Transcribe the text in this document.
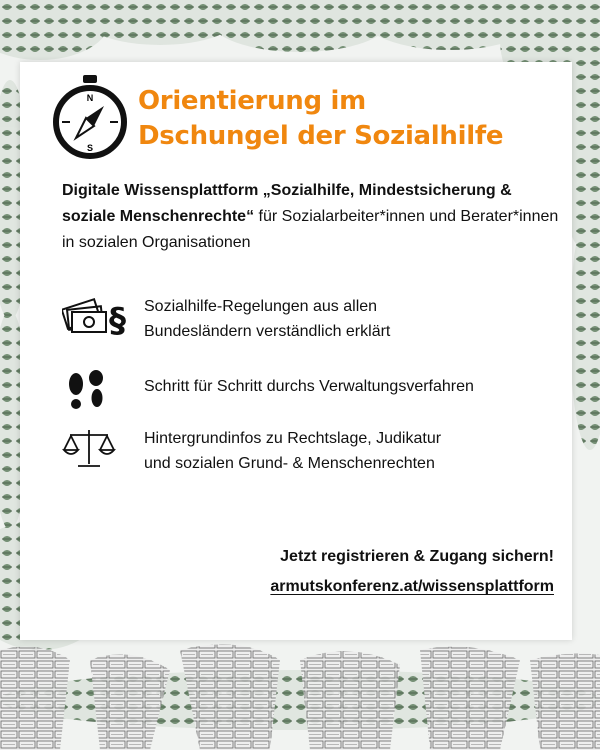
N
S
Orientierung im
Dschungel der Sozialhilfe
Digitale Wissensplattform „Sozialhilfe, Mindestsicherung & soziale Menschenrechte“ für Sozialarbeiter*innen und Berater*innen in sozialen Organisationen
§ Sozialhilfe-Regelungen aus allen
Bundesländern verständlich erklärt
Schritt für Schritt durchs Verwaltungsverfahren
Hintergrundinfos zu Rechtslage, Judikatur
und sozialen Grund- & Menschenrechten
Jetzt registrieren & Zugang sichern!
armutskonferenz.at/wissensplattform
